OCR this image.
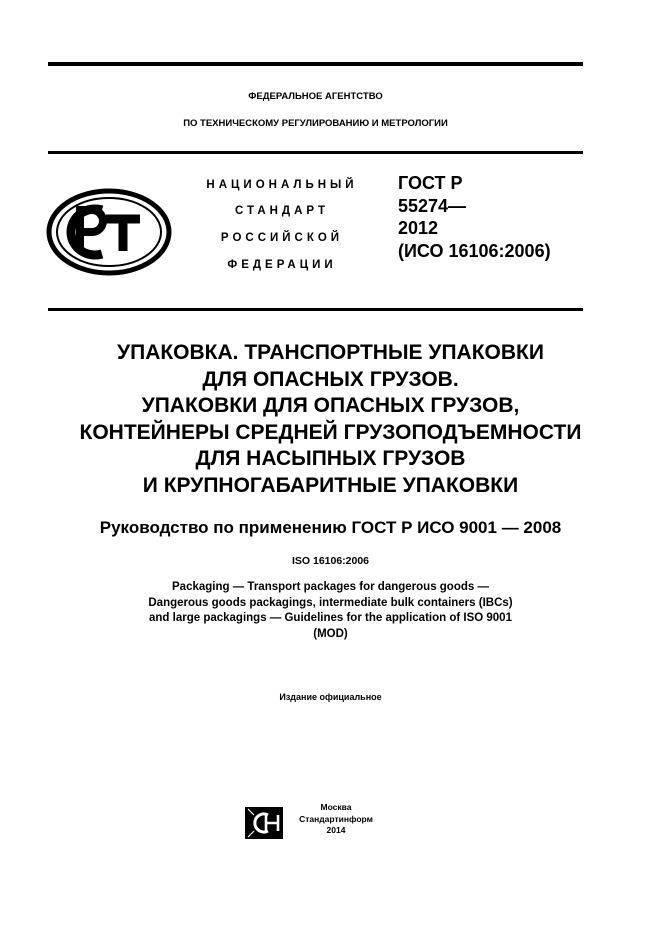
ФЕДЕРАЛЬНОЕ АГЕНТСТВО
ПО ТЕХНИЧЕСКОМУ РЕГУЛИРОВАНИЮ И МЕТРОЛОГИИ
НАЦИОНАЛЬНЫЙ
СТАНДАРТ
РОССИЙСКОЙ
ФЕДЕРАЦИИ
ГОСТ Р
55274—
2012
(ИСО 16106:2006)
УПАКОВКА. ТРАНСПОРТНЫЕ УПАКОВКИ
ДЛЯ ОПАСНЫХ ГРУЗОВ.
УПАКОВКИ ДЛЯ ОПАСНЫХ ГРУЗОВ,
КОНТЕЙНЕРЫ СРЕДНЕЙ ГРУЗОПОДЪЕМНОСТИ
ДЛЯ НАСЫПНЫХ ГРУЗОВ
И КРУПНОГАБАРИТНЫЕ УПАКОВКИ
Руководство по применению ГОСТ Р ИСО 9001 — 2008
ISO 16106:2006
Packaging — Transport packages for dangerous goods —
Dangerous goods packagings, intermediate bulk containers (IBCs)
and large packagings — Guidelines for the application of ISO 9001
(MOD)
Издание официальное
Москва
Стандартинформ
2014
